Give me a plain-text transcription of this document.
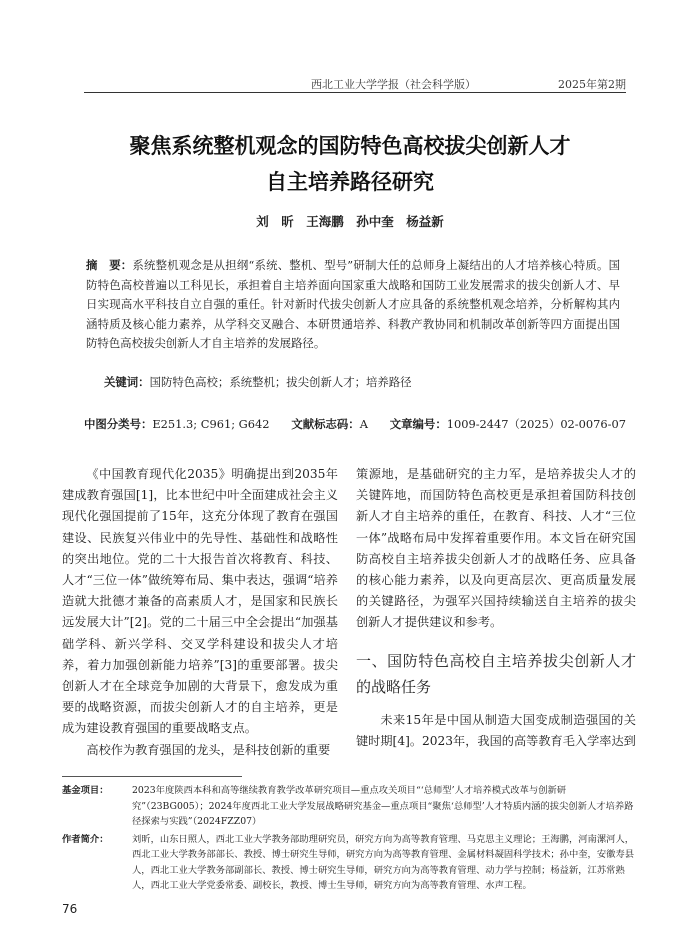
西北工业大学学报（社会科学版）	2025年第2期
聚焦系统整机观念的国防特色高校拔尖创新人才
自主培养路径研究
刘　昕　王海鹏　孙中奎　杨益新
摘　要：系统整机观念是从担纲“系统、整机、型号”研制大任的总师身上凝结出的人才培养核心特质。国防特色高校普遍以工科见长，承担着自主培养面向国家重大战略和国防工业发展需求的拔尖创新人才、早日实现高水平科技自立自强的重任。针对新时代拔尖创新人才应具备的系统整机观念培养，分析解构其内涵特质及核心能力素养，从学科交叉融合、本研贯通培养、科教产教协同和机制改革创新等四方面提出国防特色高校拔尖创新人才自主培养的发展路径。
关键词：国防特色高校；系统整机；拔尖创新人才；培养路径
中图分类号：E251.3; C961; G642 文献标志码：A 文章编号：1009-2447（2025）02-0076-07

《中国教育现代化2035》明确提出到2035年建成教育强国[1]，比本世纪中叶全面建成社会主义现代化强国提前了15年，这充分体现了教育在强国建设、民族复兴伟业中的先导性、基础性和战略性的突出地位。党的二十大报告首次将教育、科技、人才“三位一体”做统筹布局、集中表达，强调“培养造就大批德才兼备的高素质人才，是国家和民族长远发展大计”[2]。党的二十届三中全会提出“加强基础学科、新兴学科、交叉学科建设和拔尖人才培养，着力加强创新能力培养”[3]的重要部署。拔尖创新人才在全球竞争加剧的大背景下，愈发成为重要的战略资源，而拔尖创新人才的自主培养，更是成为建设教育强国的重要战略支点。

高校作为教育强国的龙头，是科技创新的重要

策源地，是基础研究的主力军，是培养拔尖人才的关键阵地，而国防特色高校更是承担着国防科技创新人才自主培养的重任，在教育、科技、人才“三位一体”战略布局中发挥着重要作用。本文旨在研究国防高校自主培养拔尖创新人才的战略任务、应具备的核心能力素养，以及向更高层次、更高质量发展的关键路径，为强军兴国持续输送自主培养的拔尖创新人才提供建议和参考。

一、国防特色高校自主培养拔尖创新人才的战略任务

未来15年是中国从制造大国变成制造强国的关键时期[4]。2023年，我国的高等教育毛入学率达到

基金项目：	2023年度陕西本科和高等继续教育教学改革研究项目—重点攻关项目“‘总师型’人才培养模式改革与创新研究”（23BG005）；2024年度西北工业大学发展战略研究基金—重点项目“聚焦‘总师型’人才特质内涵的拔尖创新人才培养路径探索与实践”（2024FZZ07）
作者简介：	刘昕，山东日照人，西北工业大学教务部助理研究员，研究方向为高等教育管理、马克思主义理论；王海鹏，河南漯河人，西北工业大学教务部部长、教授、博士研究生导师，研究方向为高等教育管理、金属材料凝固科学技术；孙中奎，安徽寿县人，西北工业大学教务部副部长、教授、博士研究生导师，研究方向为高等教育管理、动力学与控制；杨益新，江苏常熟人，西北工业大学党委常委、副校长，教授、博士生导师，研究方向为高等教育管理、水声工程。
76
